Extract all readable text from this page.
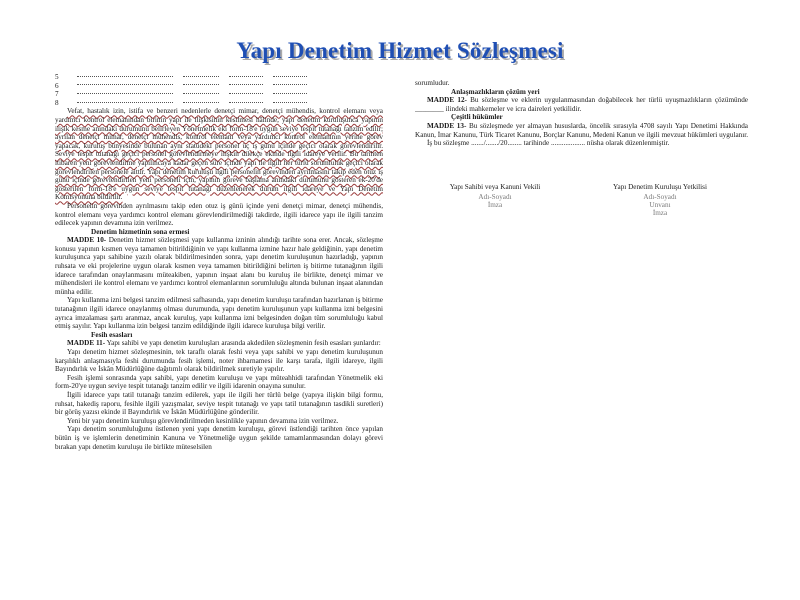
Yapı Denetim Hizmet Sözleşmesi
5
6
7
8

Vefat, hastalık izin, istifa ve benzeri nedenlerle denetçi mimar, denetçi mühendis, kontrol elemanı veya yardımcı kontrol elemanından birinin yapı ile ilişkisinin kesilmesi hâlinde, yapı denetim kuruluşunca yapının ilişik kesme anındaki durumunu belirleyen Yönetmelik eki form-18'e uygun seviye tespit tutanağı tanzim edilir; ayrılan denetçi mimar, denetçi mühendis, kontrol elemanı veya yardımcı kontrol elemanının yerine görev yapacak, kuruluş bünyesinde bulunan aynı statüdeki personel üç iş günü içinde geçici olarak görevlendirilir. Seviye tespit tutanağı geçici personel görevlendirmeye ilişkin dilekçe ekinde ilgili idareye verilir. Bu tarihten itibaren yeni görevlendirme yapılıncaya kadar geçen süre içinde yapı ile ilgili her türlü sorumluluk geçici olarak görevlendirilen personele aittir. Yapı denetim kuruluşu ilgili personelin görevinden ayrılmasını takip eden otuz iş günü içinde görevlendirilen yeni personeli için, yapının göreve başlama anındaki durumunu gösteren ek-20'de gösterilen form-18'e uygun seviye tespit tutanağı düzenlenerek durum ilgili idareye ve Yapı Denetim Komisyonuna bildirilir.

Personelin görevinden ayrılmasını takip eden otuz iş günü içinde yeni denetçi mimar, denetçi mühendis, kontrol elemanı veya yardımcı kontrol elemanı görevlendirilmediği takdirde, ilgili idarece yapı ile ilgili tanzim edilecek yapının devamına izin verilmez.

Denetim hizmetinin sona ermesi

MADDE 10- Denetim hizmet sözleşmesi yapı kullanma izninin alındığı tarihte sona erer. Ancak, sözleşme konusu yapının kısmen veya tamamen bitirildiğinin ve yapı kullanma izmine hazır hale geldiğinin, yapı denetim kuruluşunca yapı sahibine yazılı olarak bildirilmesinden sonra, yapı denetim kuruluşunun hazırladığı, yapının ruhsata ve eki projelerine uygun olarak kısmen veya tamamen bitirildiğini belirten iş bitirme tutanağının ilgili idarece tarafından onaylanmasını müteakiben, yapının inşaat alanı bu kuruluş ile birlikte, denetçi mimar ve mühendisleri ile kontrol elemanı ve yardımcı kontrol elemanlarının sorumluluğu altında bulunan inşaat alanından münha edilir.

Yapı kullanma izni belgesi tanzim edilmesi safhasında, yapı denetim kuruluşu tarafından hazırlanan iş bitirme tutanağının ilgili idarece onaylanmış olması durumunda, yapı denetim kuruluşunun yapı kullanma izni belgesini ayrıca imzalaması şartı aranmaz, ancak kuruluş, yapı kullanma izni belgesinden doğan tüm sorumluluğu kabul etmiş sayılır. Yapı kullanma izin belgesi tanzim edildiğinde ilgili idarece kuruluşa bilgi verilir.

Fesih esasları

MADDE 11- Yapı sahibi ve yapı denetim kuruluşları arasında akdedilen sözleşmenin fesih esasları şunlardır:

Yapı denetim hizmet sözleşmesinin, tek taraflı olarak feshi veya yapı sahibi ve yapı denetim kuruluşunun karşılıklı anlaşmasıyla feshi durumunda fesih işlemi, noter ihbarnamesi ile karşı tarafa, ilgili idareye, ilgili Bayındırlık ve İskân Müdürlüğüne dağıtımlı olarak bildirilmek suretiyle yapılır.

Fesih işlemi sonrasında yapı sahibi, yapı denetim kuruluşu ve yapı müteahhidi tarafından Yönetmelik eki form-20'ye uygun seviye tespit tutanağı tanzim edilir ve ilgili idarenin onayına sunulur.

İlgili idarece yapı tatil tutanağı tanzim edilerek, yapı ile ilgili her türlü belge (yapıya ilişkin bilgi formu, ruhsat, hakediş raporu, fesihle ilgili yazışmalar, seviye tespit tutanağı ve yapı tatil tutanağının tasdikli suretleri) bir görüş yazısı ekinde il Bayındırlık ve İskân Müdürlüğüne gönderilir.

Yeni bir yapı denetim kuruluşu görevlendirilmeden kesinlikle yapının devamına izin verilmez.

Yapı denetim sorumluluğunu üstlenen yeni yapı denetim kuruluşu, görevi üstlendiği tarihten önce yapılan bütün iş ve işlemlerin denetiminin Kanuna ve Yönetmeliğe uygun şekilde tamamlanmasından dolayı görevi bırakan yapı denetim kuruluşu ile birlikte müteselsilen

sorumludur.

Anlaşmazlıkların çözüm yeri

MADDE 12- Bu sözleşme ve eklerin uygulanmasından doğabilecek her türlü uyuşmazlıkların çözümünde ________ ilindeki mahkemeler ve icra daireleri yetkilidir.

Çeşitli hükümler

MADDE 13- Bu sözleşmede yer almayan hususlarda, öncelik sırasıyla 4708 sayılı Yapı Denetimi Hakkında Kanun, İmar Kanunu, Türk Ticaret Kanunu, Borçlar Kanunu, Medeni Kanun ve ilgili mevzuat hükümleri uygulanır.

İş bu sözleşme ......./......./20........ tarihinde ................... nüsha olarak düzenlenmiştir.

Yapı Sahibi veya Kanuni Vekili
Adı-Soyadı
İmza
Yapı Denetim Kuruluşu Yetkilisi
Adı-Soyadı
Unvanı
İmza
